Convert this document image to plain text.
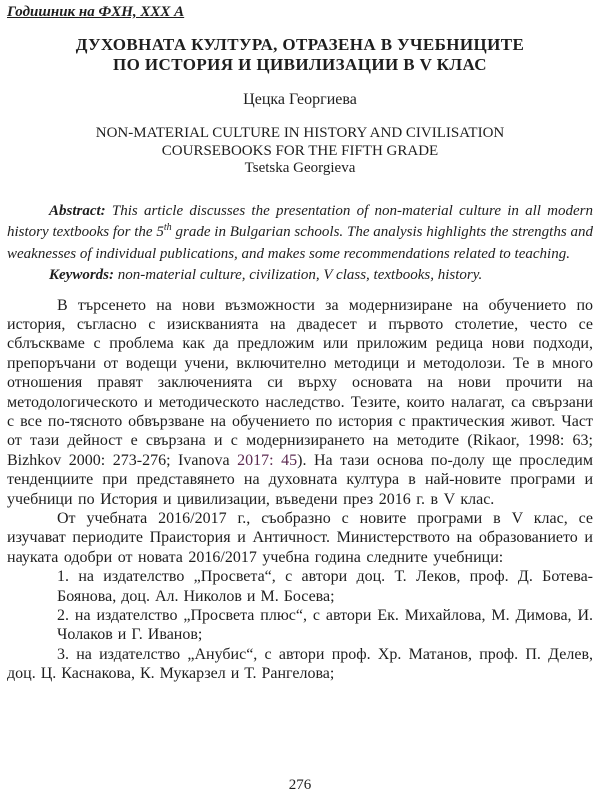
Годишник на ФХН, XXX А
ДУХОВНАТА КУЛТУРА, ОТРАЗЕНА В УЧЕБНИЦИТЕ
ПО ИСТОРИЯ И ЦИВИЛИЗАЦИИ В V КЛАС
Цецка Георгиева
NON-MATERIAL CULTURE IN HISTORY AND CIVILISATION
COURSEBOOKS FOR THE FIFTH GRADE
Tsetska Georgieva

Abstract: This article discusses the presentation of non-material culture in all modern history textbooks for the 5th grade in Bulgarian schools. The analysis highlights the strengths and weaknesses of individual publications, and makes some recommendations related to teaching.

Keywords: non-material culture, civilization, V class, textbooks, history.

В търсенето на нови възможности за модернизиране на обучението по история, съгласно с изискванията на двадесет и първото столетие, често се сблъскваме с проблема как да предложим или приложим редица нови подходи, препоръчани от водещи учени, включително методици и методолози. Те в много отношения правят заключенията си върху основата на нови прочити на методологическото и методическото наследство. Тезите, които налагат, са свързани с все по-тясното обвързване на обучението по история с практическия живот. Част от тази дейност е свързана и с модернизирането на методите (Rikaor, 1998: 63; Bizhkov 2000: 273-276; Ivanova 2017: 45). На тази основа по-долу ще проследим тенденциите при представянето на духовната култура в най-новите програми и учебници по История и цивилизации, въведени през 2016 г. в V клас.

От учебната 2016/2017 г., съобразно с новите програми в V клас, се изучават периодите Праистория и Античност. Министерството на образованието и науката одобри от новата 2016/2017 учебна година следните учебници:

1. на издателство „Просвета“, с автори доц. Т. Леков, проф. Д. Ботева-Боянова, доц. Ал. Николов и М. Босева;

2. на издателство „Просвета плюс“, с автори Ек. Михайлова, М. Димова, И. Чолаков и Г. Иванов;

3. на издателство „Анубис“, с автори проф. Хр. Матанов, проф. П. Делев, доц. Ц. Каснакова, К. Мукарзел и Т. Рангелова;

276
